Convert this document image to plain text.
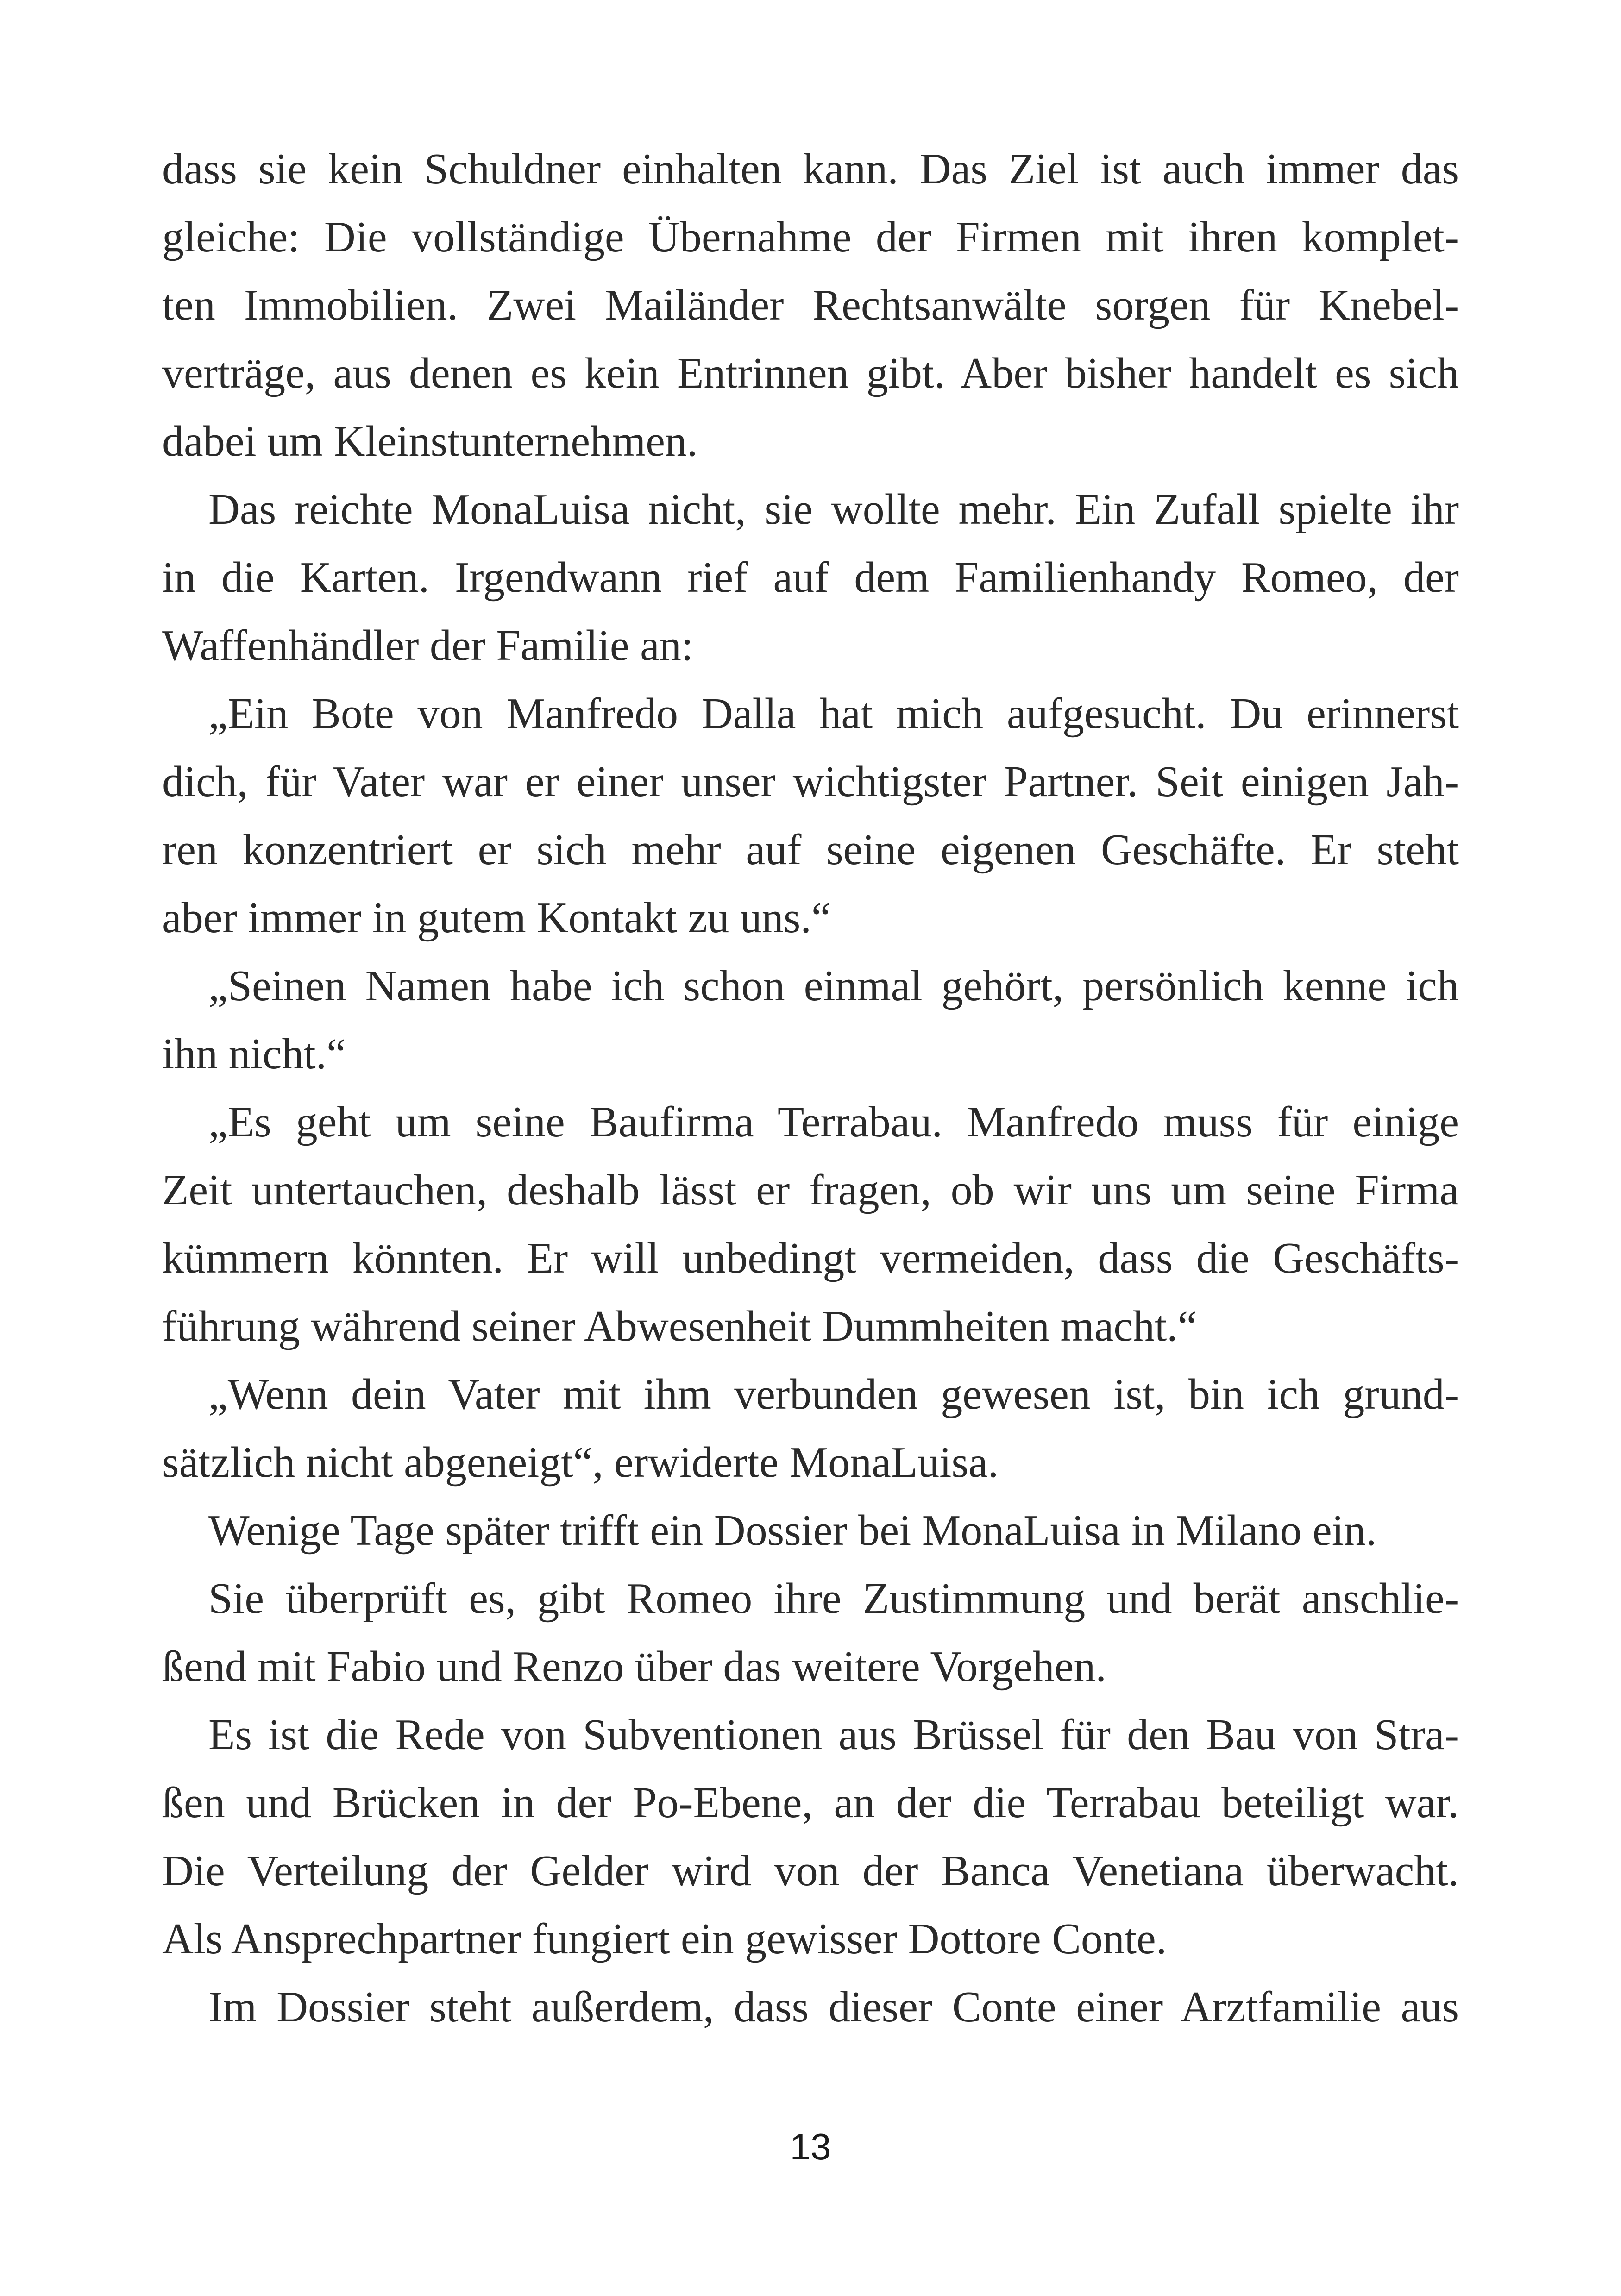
dass sie kein Schuldner einhalten kann. Das Ziel ist auch immer das
gleiche: Die vollständige Übernahme der Firmen mit ihren komplet-
ten Immobilien. Zwei Mailänder Rechtsanwälte sorgen für Knebel-
verträge, aus denen es kein Entrinnen gibt. Aber bisher handelt es sich
dabei um Kleinstunternehmen.
Das reichte MonaLuisa nicht, sie wollte mehr. Ein Zufall spielte ihr
in die Karten. Irgendwann rief auf dem Familienhandy Romeo, der
Waffenhändler der Familie an:
„Ein Bote von Manfredo Dalla hat mich aufgesucht. Du erinnerst
dich, für Vater war er einer unser wichtigster Partner. Seit einigen Jah-
ren konzentriert er sich mehr auf seine eigenen Geschäfte. Er steht
aber immer in gutem Kontakt zu uns.“
„Seinen Namen habe ich schon einmal gehört, persönlich kenne ich
ihn nicht.“
„Es geht um seine Baufirma Terrabau. Manfredo muss für einige
Zeit untertauchen, deshalb lässt er fragen, ob wir uns um seine Firma
kümmern könnten. Er will unbedingt vermeiden, dass die Geschäfts-
führung während seiner Abwesenheit Dummheiten macht.“
„Wenn dein Vater mit ihm verbunden gewesen ist, bin ich grund-
sätzlich nicht abgeneigt“, erwiderte MonaLuisa.
Wenige Tage später trifft ein Dossier bei MonaLuisa in Milano ein.
Sie überprüft es, gibt Romeo ihre Zustimmung und berät anschlie-
ßend mit Fabio und Renzo über das weitere Vorgehen.
Es ist die Rede von Subventionen aus Brüssel für den Bau von Stra-
ßen und Brücken in der Po-Ebene, an der die Terrabau beteiligt war.
Die Verteilung der Gelder wird von der Banca Venetiana überwacht.
Als Ansprechpartner fungiert ein gewisser Dottore Conte.
Im Dossier steht außerdem, dass dieser Conte einer Arztfamilie aus
13
